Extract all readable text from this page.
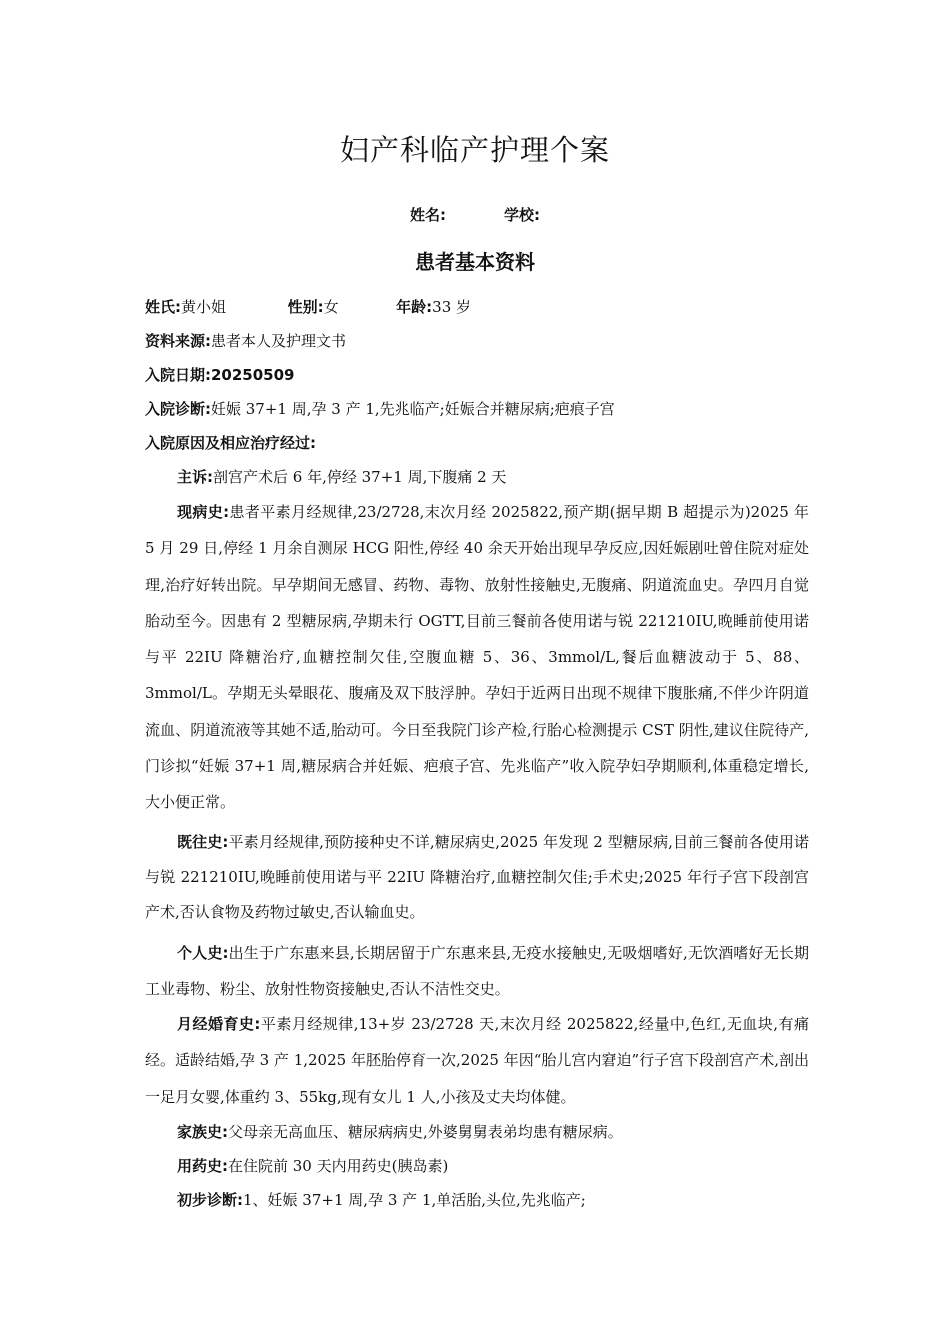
妇产科临产护理个案
姓名:	学校:
患者基本资料
姓氏:黄小姐	性别:女	年龄:33 岁
资料来源:患者本人及护理文书
入院日期:20250509
入院诊断:妊娠 37+1 周,孕 3 产 1,先兆临产;妊娠合并糖尿病;疤痕子宫
入院原因及相应治疗经过:
主诉:剖宫产术后 6 年,停经 37+1 周,下腹痛 2 天
现病史:患者平素月经规律,23/2728,末次月经 2025822,预产期(据早期 B 超提示为)2025 年 5 月 29 日,停经 1 月余自测尿 HCG 阳性,停经 40 余天开始出现早孕反应,因妊娠剧吐曾住院对症处理,治疗好转出院。早孕期间无感冒、药物、毒物、放射性接触史,无腹痛、阴道流血史。孕四月自觉胎动至今。因患有 2 型糖尿病,孕期未行 OGTT,目前三餐前各使用诺与锐 221210IU,晚睡前使用诺与平 22IU 降糖治疗,血糖控制欠佳,空腹血糖 5、36、3mmol/L,餐后血糖波动于 5、88、3mmol/L。孕期无头晕眼花、腹痛及双下肢浮肿。孕妇于近两日出现不规律下腹胀痛,不伴少许阴道流血、阴道流液等其她不适,胎动可。今日至我院门诊产检,行胎心检测提示 CST 阴性,建议住院待产,门诊拟“妊娠 37+1 周,糖尿病合并妊娠、疤痕子宫、先兆临产”收入院孕妇孕期顺利,体重稳定增长,大小便正常。
既往史:平素月经规律,预防接种史不详,糖尿病史,2025 年发现 2 型糖尿病,目前三餐前各使用诺与锐 221210IU,晚睡前使用诺与平 22IU 降糖治疗,血糖控制欠佳;手术史;2025 年行子宫下段剖宫产术,否认食物及药物过敏史,否认输血史。
个人史:出生于广东惠来县,长期居留于广东惠来县,无疫水接触史,无吸烟嗜好,无饮酒嗜好无长期工业毒物、粉尘、放射性物资接触史,否认不洁性交史。
月经婚育史:平素月经规律,13+岁 23/2728 天,末次月经 2025822,经量中,色红,无血块,有痛经。适龄结婚,孕 3 产 1,2025 年胚胎停育一次,2025 年因“胎儿宫内窘迫”行子宫下段剖宫产术,剖出一足月女婴,体重约 3、55kg,现有女儿 1 人,小孩及丈夫均体健。
家族史:父母亲无高血压、糖尿病病史,外婆舅舅表弟均患有糖尿病。
用药史:在住院前 30 天内用药史(胰岛素)
初步诊断:1、妊娠 37+1 周,孕 3 产 1,单活胎,头位,先兆临产;
